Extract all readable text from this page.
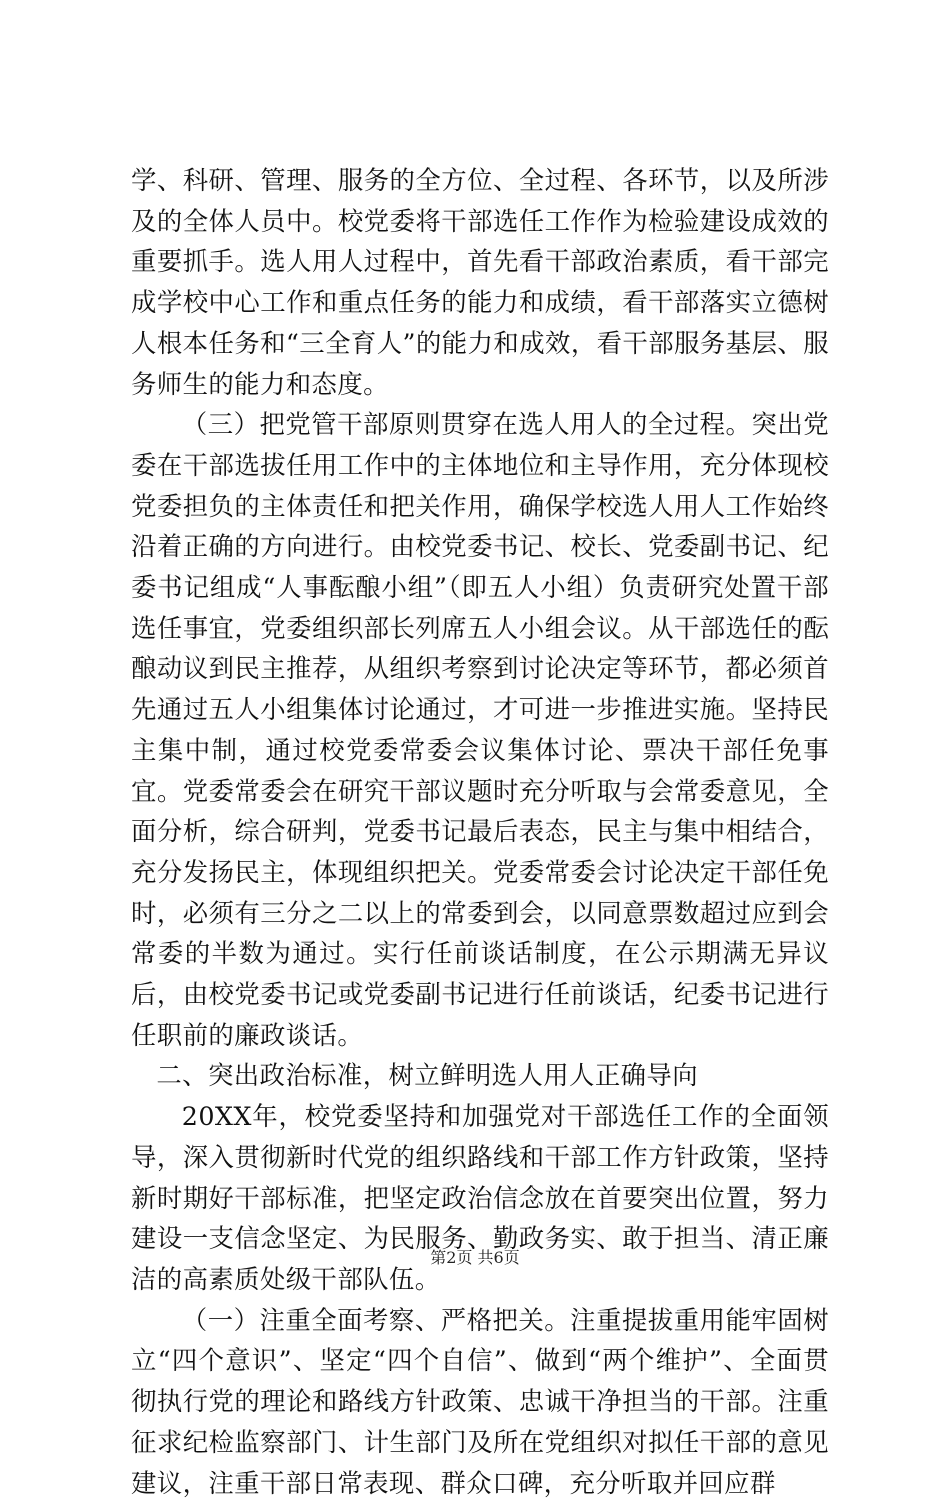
学、科研、管理、服务的全方位、全过程、各环节，以及所涉及的全体人员中。校党委将干部选任工作作为检验建设成效的重要抓手。选人用人过程中，首先看干部政治素质，看干部完成学校中心工作和重点任务的能力和成绩，看干部落实立德树人根本任务和“三全育人”的能力和成效，看干部服务基层、服务师生的能力和态度。

（三）把党管干部原则贯穿在选人用人的全过程。突出党委在干部选拔任用工作中的主体地位和主导作用，充分体现校党委担负的主体责任和把关作用，确保学校选人用人工作始终沿着正确的方向进行。由校党委书记、校长、党委副书记、纪委书记组成“人事酝酿小组”（即五人小组）负责研究处置干部选任事宜，党委组织部长列席五人小组会议。从干部选任的酝酿动议到民主推荐，从组织考察到讨论决定等环节，都必须首先通过五人小组集体讨论通过，才可进一步推进实施。坚持民主集中制，通过校党委常委会议集体讨论、票决干部任免事宜。党委常委会在研究干部议题时充分听取与会常委意见，全面分析，综合研判，党委书记最后表态，民主与集中相结合，充分发扬民主，体现组织把关。党委常委会讨论决定干部任免时，必须有三分之二以上的常委到会，以同意票数超过应到会常委的半数为通过。实行任前谈话制度，在公示期满无异议后，由校党委书记或党委副书记进行任前谈话，纪委书记进行任职前的廉政谈话。

二、突出政治标准，树立鲜明选人用人正确导向

20XX年，校党委坚持和加强党对干部选任工作的全面领导，深入贯彻新时代党的组织路线和干部工作方针政策，坚持新时期好干部标准，把坚定政治信念放在首要突出位置，努力建设一支信念坚定、为民服务、勤政务实、敢于担当、清正廉洁的高素质处级干部队伍。

（一）注重全面考察、严格把关。注重提拔重用能牢固树立“四个意识”、坚定“四个自信”、做到“两个维护”、全面贯彻执行党的理论和路线方针政策、忠诚干净担当的干部。注重征求纪检监察部门、计生部门及所在党组织对拟任干部的意见建议，注重干部日常表现、群众口碑，充分听取并回应群

第2页 共6页
